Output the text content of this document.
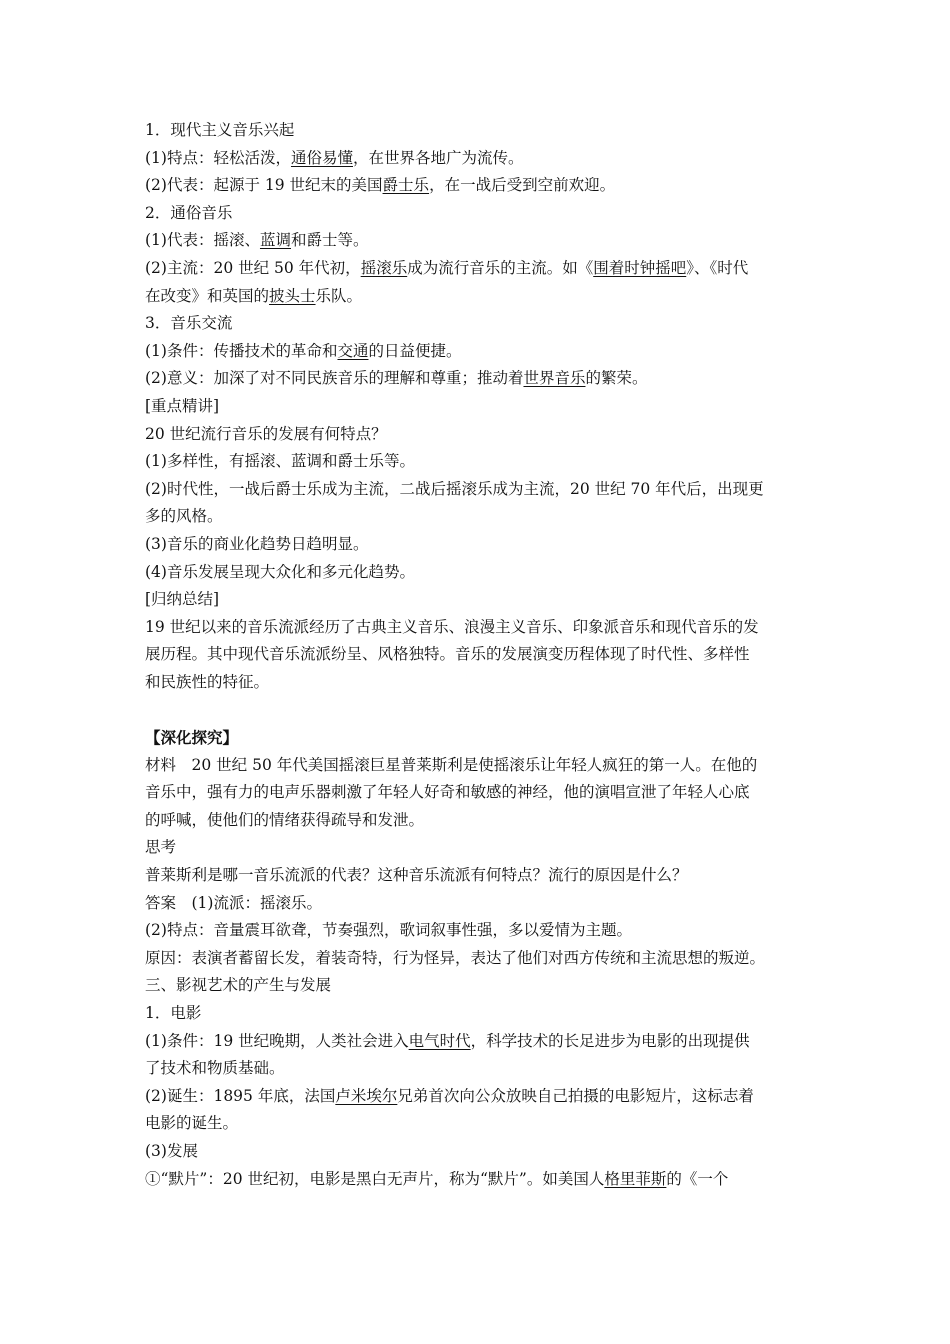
1．现代主义音乐兴起
(1)特点：轻松活泼，通俗易懂，在世界各地广为流传。
(2)代表：起源于 19 世纪末的美国爵士乐，在一战后受到空前欢迎。
2．通俗音乐
(1)代表：摇滚、蓝调和爵士等。
(2)主流：20 世纪 50 年代初，摇滚乐成为流行音乐的主流。如《围着时钟摇吧》、《时代
在改变》和英国的披头士乐队。
3．音乐交流
(1)条件：传播技术的革命和交通的日益便捷。
(2)意义：加深了对不同民族音乐的理解和尊重；推动着世界音乐的繁荣。
[重点精讲]
20 世纪流行音乐的发展有何特点？
(1)多样性，有摇滚、蓝调和爵士乐等。
(2)时代性，一战后爵士乐成为主流，二战后摇滚乐成为主流，20 世纪 70 年代后，出现更
多的风格。
(3)音乐的商业化趋势日趋明显。
(4)音乐发展呈现大众化和多元化趋势。
[归纳总结]
19 世纪以来的音乐流派经历了古典主义音乐、浪漫主义音乐、印象派音乐和现代音乐的发
展历程。其中现代音乐流派纷呈、风格独特。音乐的发展演变历程体现了时代性、多样性
和民族性的特征。
【深化探究】
材料　20 世纪 50 年代美国摇滚巨星普莱斯利是使摇滚乐让年轻人疯狂的第一人。在他的
音乐中，强有力的电声乐器刺激了年轻人好奇和敏感的神经，他的演唱宣泄了年轻人心底
的呼喊，使他们的情绪获得疏导和发泄。
思考
普莱斯利是哪一音乐流派的代表？这种音乐流派有何特点？流行的原因是什么？
答案　(1)流派：摇滚乐。
(2)特点：音量震耳欲聋，节奏强烈，歌词叙事性强，多以爱情为主题。
原因：表演者蓄留长发，着装奇特，行为怪异，表达了他们对西方传统和主流思想的叛逆。
三、影视艺术的产生与发展
1．电影
(1)条件：19 世纪晚期，人类社会进入电气时代，科学技术的长足进步为电影的出现提供
了技术和物质基础。
(2)诞生：1895 年底，法国卢米埃尔兄弟首次向公众放映自己拍摄的电影短片，这标志着
电影的诞生。
(3)发展
①“默片”：20 世纪初，电影是黑白无声片，称为“默片”。如美国人格里菲斯的《一个
